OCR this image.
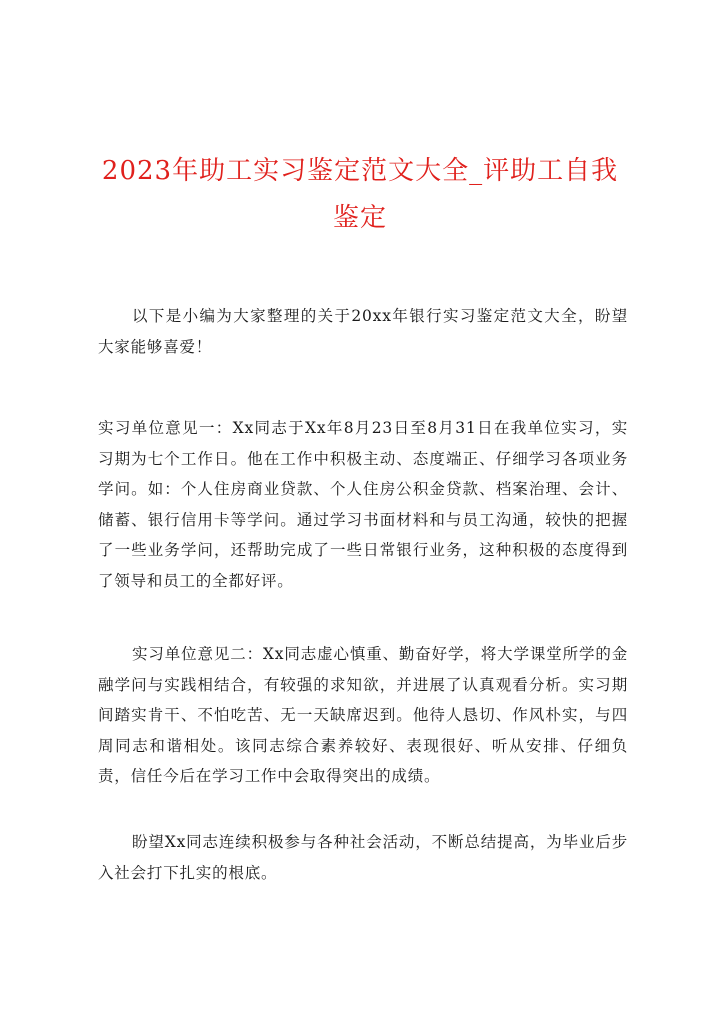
2023年助工实习鉴定范文大全_评助工自我鉴定

以下是小编为大家整理的关于20xx年银行实习鉴定范文大全，盼望大家能够喜爱！

实习单位意见一：Xx同志于Xx年8月23日至8月31日在我单位实习，实习期为七个工作日。他在工作中积极主动、态度端正、仔细学习各项业务学问。如：个人住房商业贷款、个人住房公积金贷款、档案治理、会计、储蓄、银行信用卡等学问。通过学习书面材料和与员工沟通，较快的把握了一些业务学问，还帮助完成了一些日常银行业务，这种积极的态度得到了领导和员工的全都好评。

实习单位意见二：Xx同志虚心慎重、勤奋好学，将大学课堂所学的金融学问与实践相结合，有较强的求知欲，并进展了认真观看分析。实习期间踏实肯干、不怕吃苦、无一天缺席迟到。他待人恳切、作风朴实，与四周同志和谐相处。该同志综合素养较好、表现很好、听从安排、仔细负责，信任今后在学习工作中会取得突出的成绩。

盼望Xx同志连续积极参与各种社会活动，不断总结提高，为毕业后步入社会打下扎实的根底。
